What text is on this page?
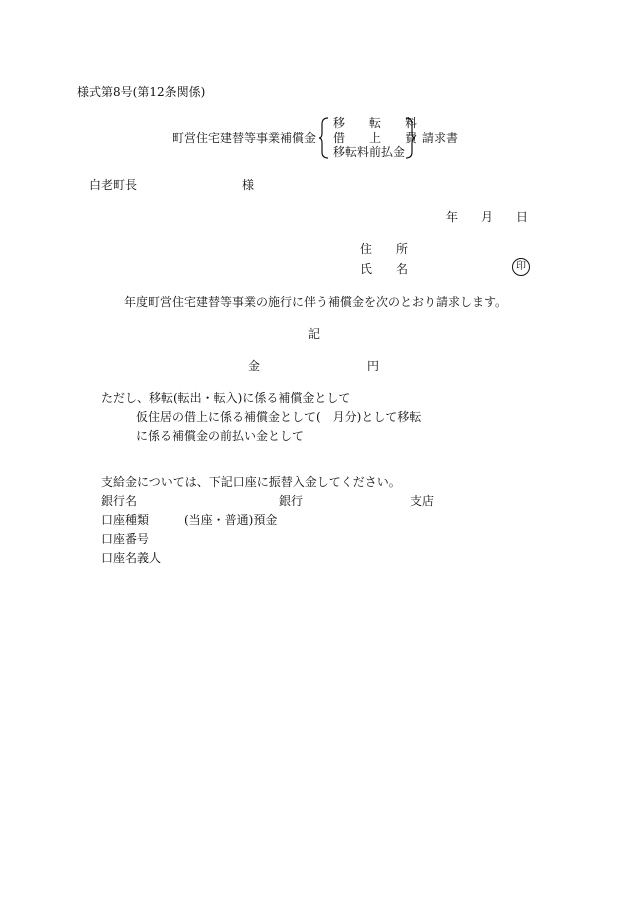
様式第8号(第12条関係)
町営住宅建替等事業補償金
移　　転　　料
借　　上　　費
移転料前払金
請求書
白老町長	様
年 月 日
住　　所
氏　　名	印
年度町営住宅建替等事業の施行に伴う補償金を次のとおり請求します。
記
金	円
ただし、移転(転出・転入)に係る補償金として
仮住居の借上に係る補償金として(　月分)として移転
に係る補償金の前払い金として
支給金については、下記口座に振替入金してください。
銀行名	銀行	支店
口座種類	(当座・普通)預金
口座番号
口座名義人
